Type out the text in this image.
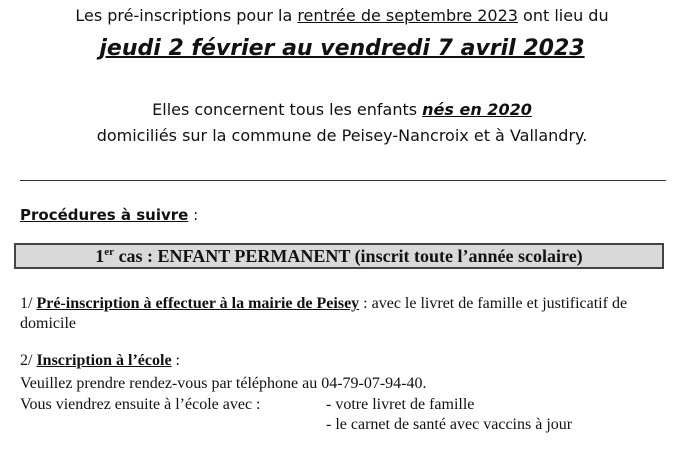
Les pré-inscriptions pour la rentrée de septembre 2023 ont lieu du
jeudi 2 février au vendredi 7 avril 2023
Elles concernent tous les enfants nés en 2020
domiciliés sur la commune de Peisey-Nancroix et à Vallandry.
Procédures à suivre :
1er cas : ENFANT PERMANENT (inscrit toute l’année scolaire)
1/ Pré-inscription à effectuer à la mairie de Peisey : avec le livret de famille et justificatif de domicile
2/ Inscription à l’école :
Veuillez prendre rendez-vous par téléphone au 04-79-07-94-40.
Vous viendrez ensuite à l’école avec :	- votre livret de famille
- le carnet de santé avec vaccins à jour
